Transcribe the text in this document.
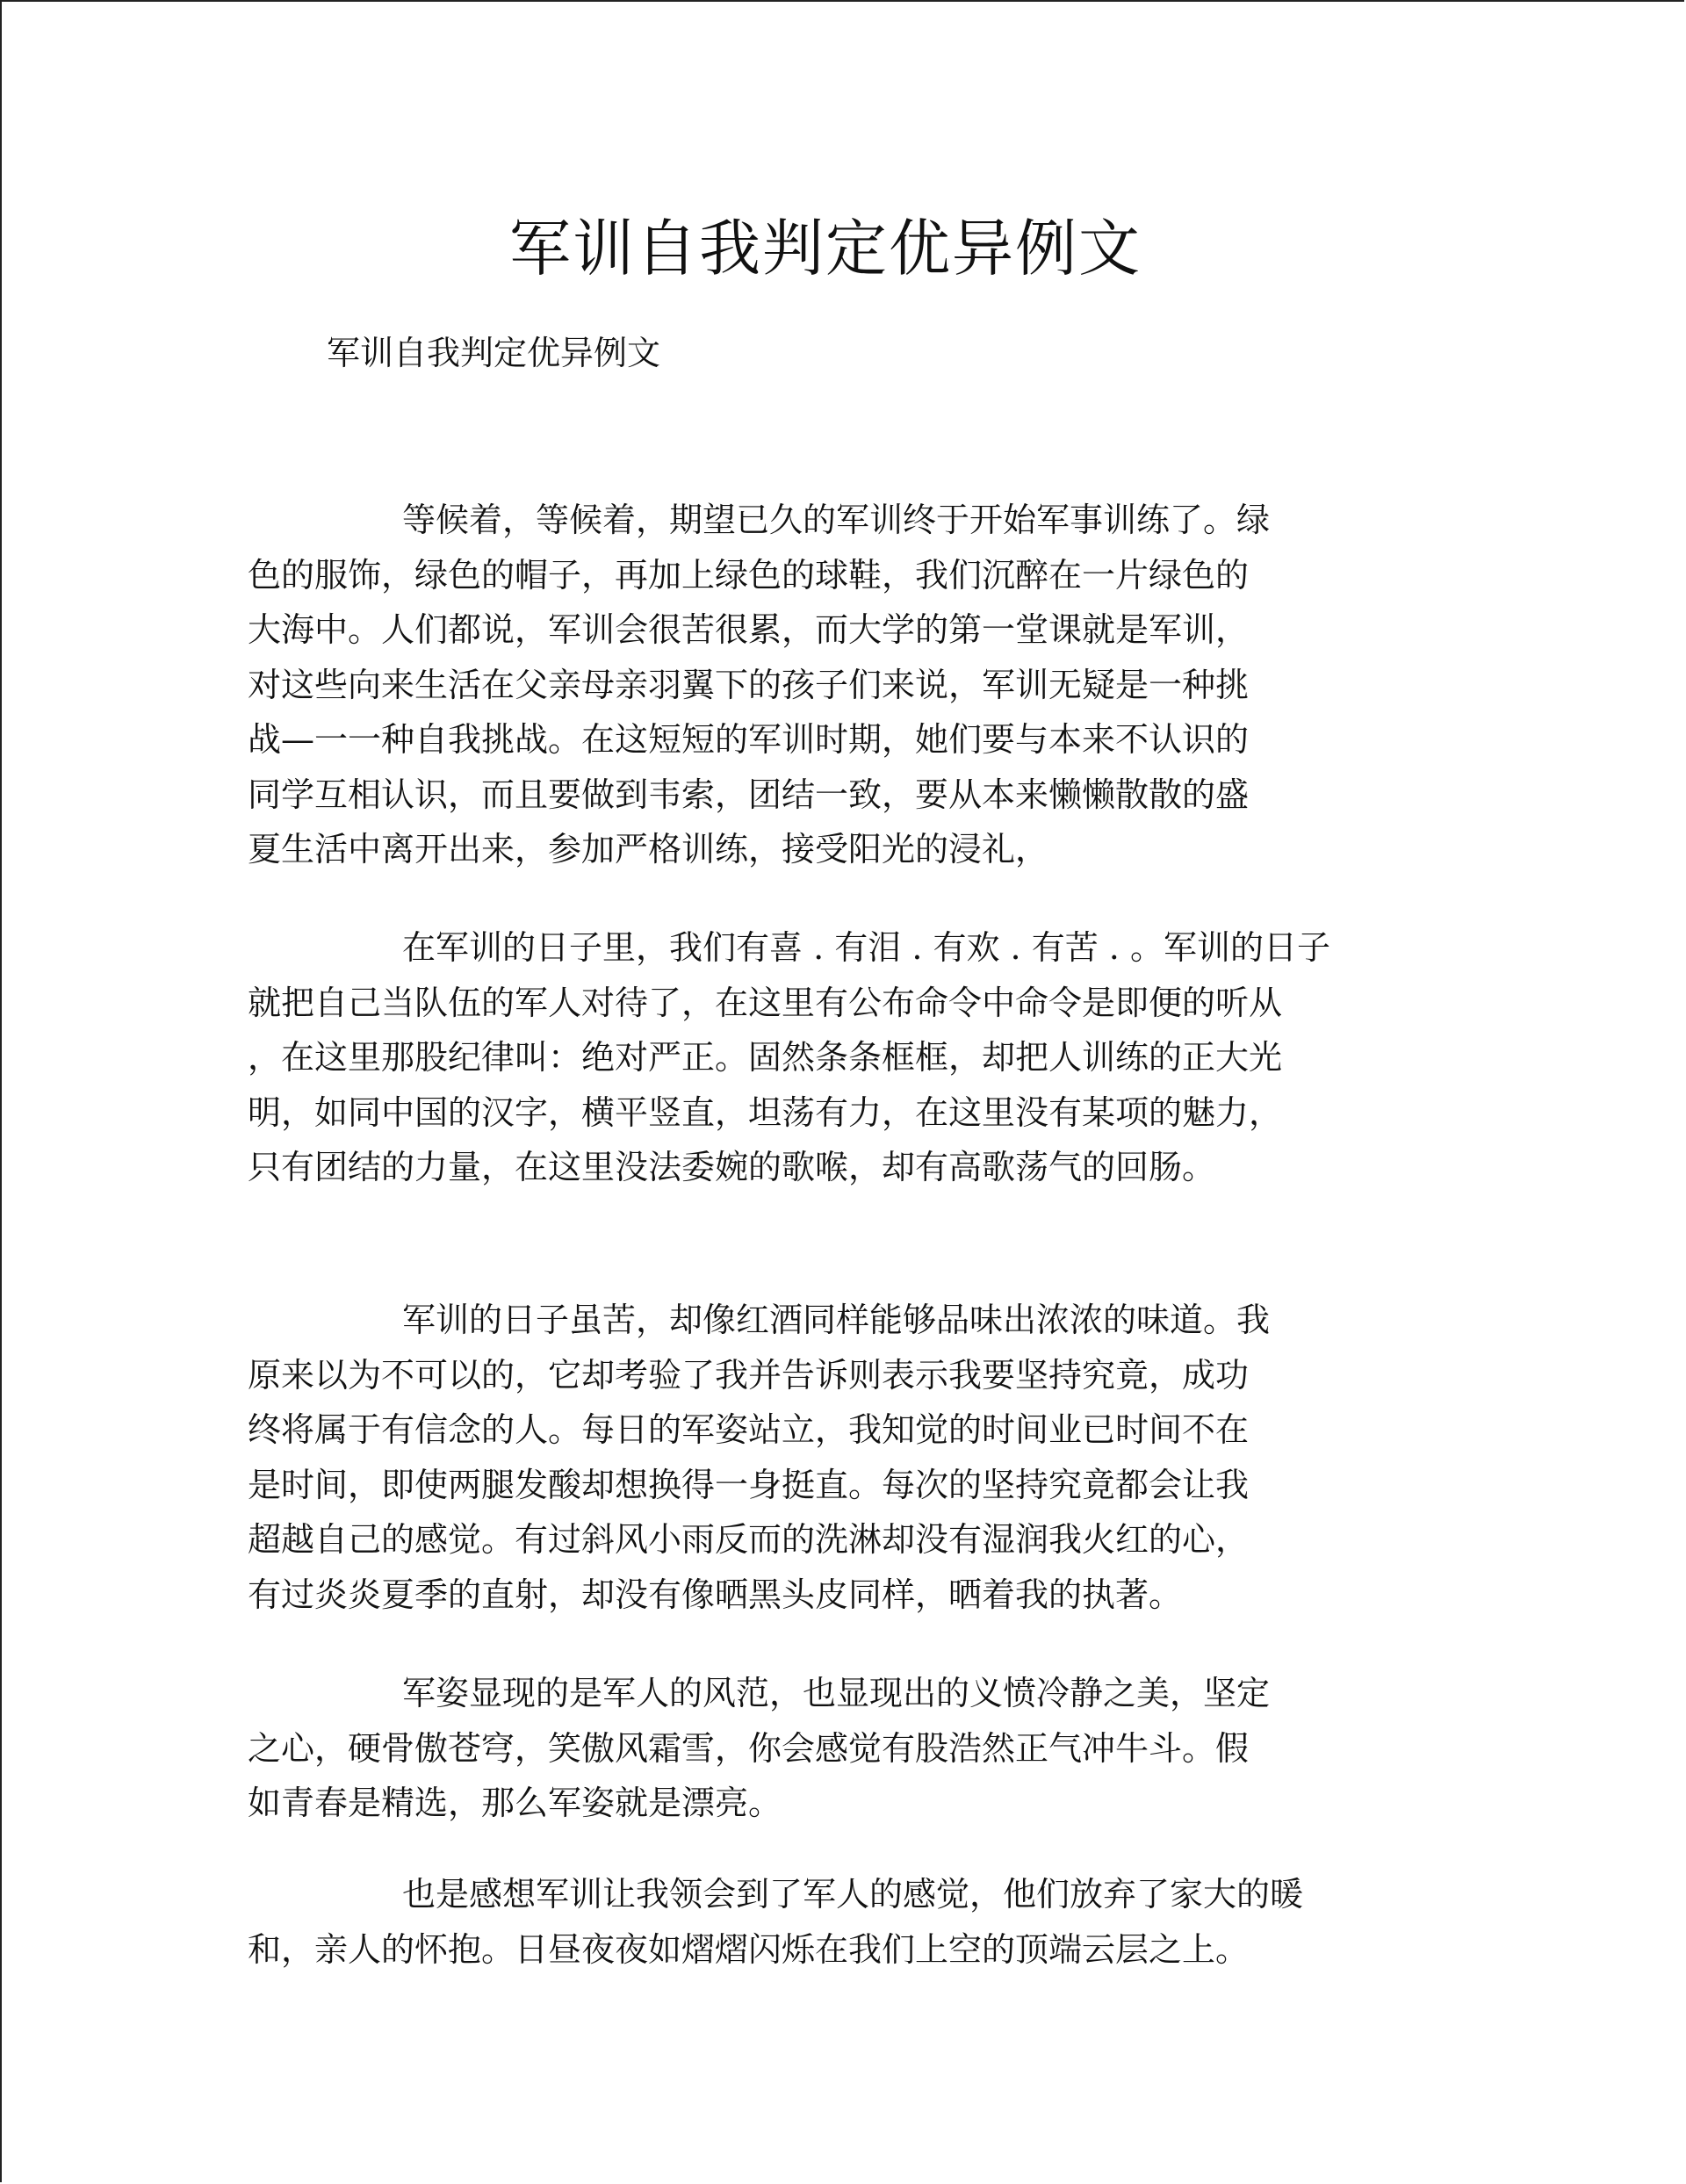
军训自我判定优异例文

军训自我判定优异例文

等候着，等候着，期望已久的军训终于开始军事训练了。绿
色的服饰，绿色的帽子，再加上绿色的球鞋，我们沉醉在一片绿色的
大海中。人们都说，军训会很苦很累，而大学的第一堂课就是军训，
对这些向来生活在父亲母亲羽翼下的孩子们来说，军训无疑是一种挑
战—一一种自我挑战。在这短短的军训时期，她们要与本来不认识的
同学互相认识，而且要做到韦索，团结一致，要从本来懒懒散散的盛
夏生活中离开出来，参加严格训练，接受阳光的浸礼，
在军训的日子里，我们有喜 . 有泪 . 有欢 . 有苦 . 。军训的日子
就把自己当队伍的军人对待了，在这里有公布命令中命令是即便的听从
，在这里那股纪律叫：绝对严正。固然条条框框，却把人训练的正大光
明，如同中国的汉字，横平竖直，坦荡有力，在这里没有某项的魅力，
只有团结的力量，在这里没法委婉的歌喉，却有高歌荡气的回肠。
军训的日子虽苦，却像红酒同样能够品味出浓浓的味道。我
原来以为不可以的，它却考验了我并告诉则表示我要坚持究竟，成功
终将属于有信念的人。每日的军姿站立，我知觉的时间业已时间不在
是时间，即使两腿发酸却想换得一身挺直。每次的坚持究竟都会让我
超越自己的感觉。有过斜风小雨反而的洗淋却没有湿润我火红的心，
有过炎炎夏季的直射，却没有像晒黑头皮同样，晒着我的执著。
军姿显现的是军人的风范，也显现出的义愤冷静之美，坚定
之心，硬骨傲苍穹，笑傲风霜雪，你会感觉有股浩然正气冲牛斗。假
如青春是精选，那么军姿就是漂亮。
也是感想军训让我领会到了军人的感觉，他们放弃了家大的暖
和，亲人的怀抱。日昼夜夜如熠熠闪烁在我们上空的顶端云层之上。
